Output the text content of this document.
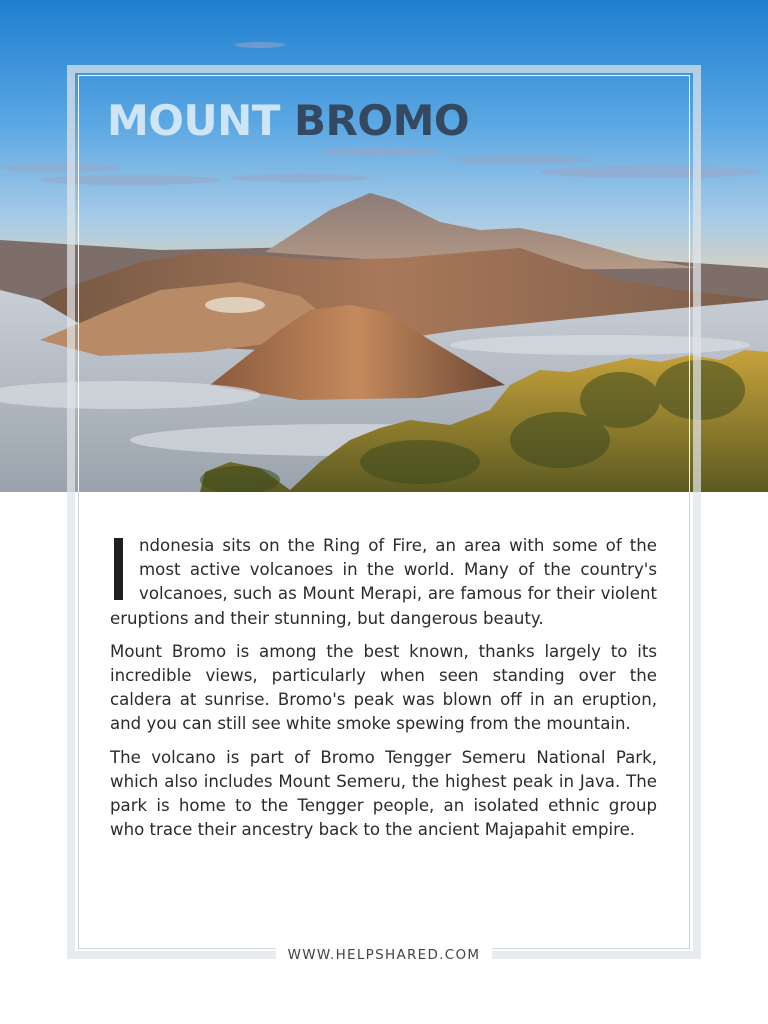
MOUNT BROMO

ndonesia sits on the Ring of Fire, an area with some of the most active volcanoes in the world. Many of the country's volcanoes, such as Mount Merapi, are famous for their violent eruptions and their stunning, but dangerous beauty.

Mount Bromo is among the best known, thanks largely to its incredible views, particularly when seen standing over the caldera at sunrise. Bromo's peak was blown off in an eruption, and you can still see white smoke spewing from the mountain.

The volcano is part of Bromo Tengger Semeru National Park, which also includes Mount Semeru, the highest peak in Java. The park is home to the Tengger people, an isolated ethnic group who trace their ancestry back to the ancient Majapahit empire.

WWW.HELPSHARED.COM
